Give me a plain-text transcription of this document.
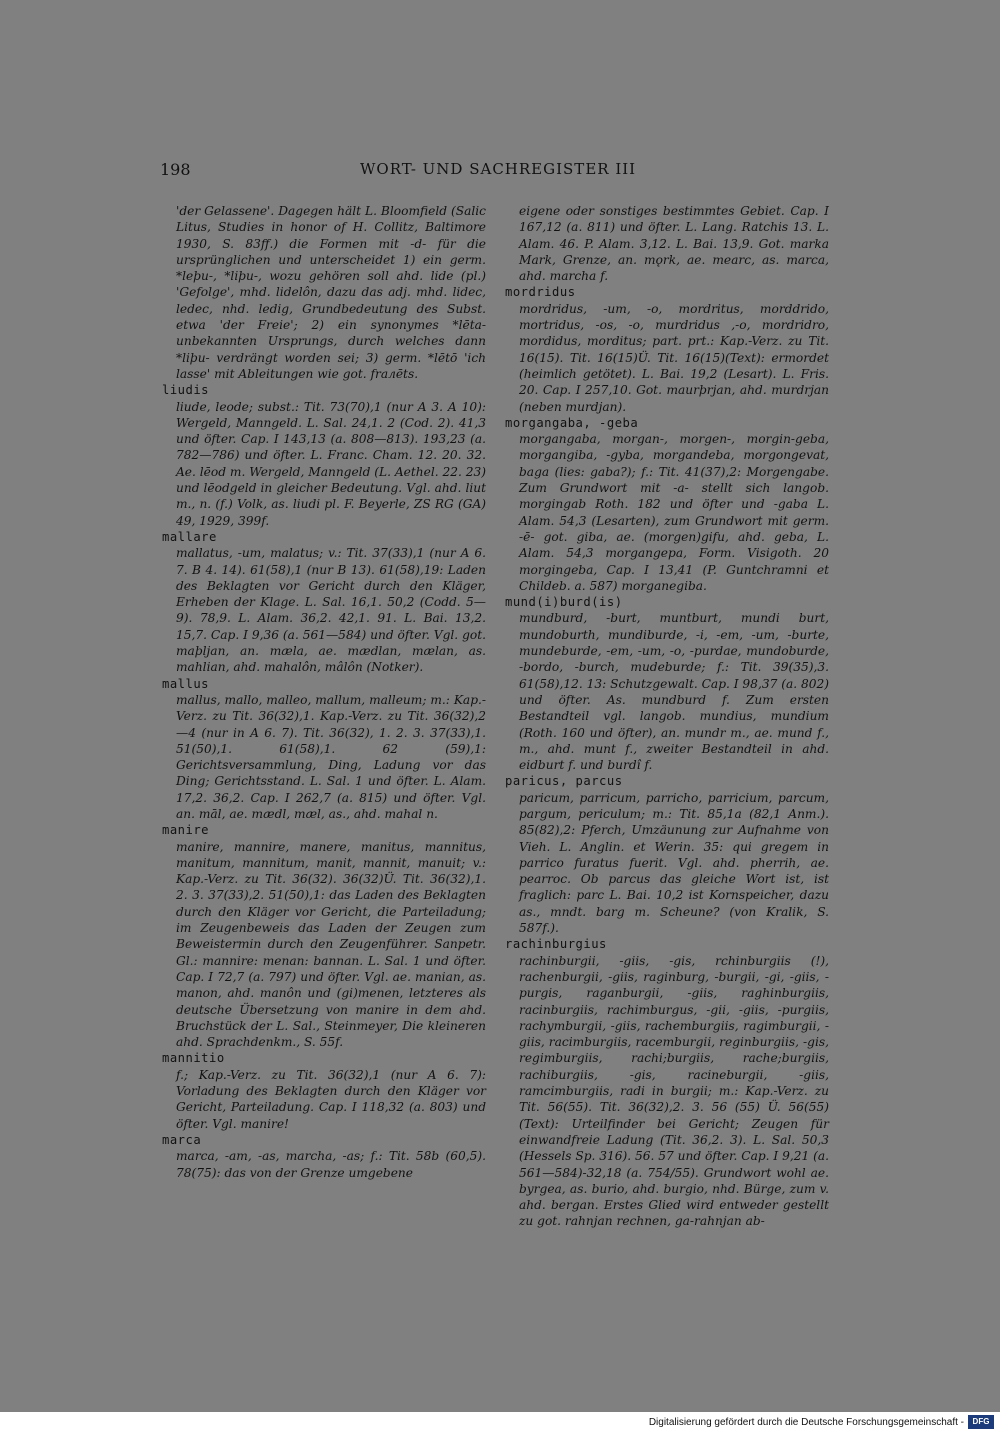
198	WORT- UND SACHREGISTER III
'der Gelassene'. Dagegen hält L. Bloomfield (Salic Litus, Studies in honor of H. Collitz, Baltimore 1930, S. 83ff.) die Formen mit -d- für die ursprünglichen und unterscheidet 1) ein germ. *leþu-, *liþu-, wozu gehören soll ahd. lide (pl.) 'Gefolge', mhd. lidelôn, dazu das adj. mhd. lidec, ledec, nhd. ledig, Grundbedeutung des Subst. etwa 'der Freie'; 2) ein synonymes *lēta- unbekannten Ursprungs, durch welches dann *liþu- verdrängt worden sei; 3) germ. *lētō 'ich lasse' mit Ableitungen wie got. frалēts.
liudis
liude, leode; subst.: Tit. 73(70),1 (nur A 3. A 10): Wergeld, Manngeld. L. Sal. 24,1. 2 (Cod. 2). 41,3 und öfter. Cap. I 143,13 (a. 808—813). 193,23 (a. 782—786) und öfter. L. Franc. Cham. 12. 20. 32. Ae. lēod m. Wergeld, Manngeld (L. Aethel. 22. 23) und lēodgeld in gleicher Bedeutung. Vgl. ahd. liut m., n. (f.) Volk, as. liudi pl. F. Beyerle, ZS RG (GA) 49, 1929, 399f.
mallare
mallatus, -um, malatus; v.: Tit. 37(33),1 (nur A 6. 7. B 4. 14). 61(58),1 (nur B 13). 61(58),19: Laden des Beklagten vor Gericht durch den Kläger, Erheben der Klage. L. Sal. 16,1. 50,2 (Codd. 5—9). 78,9. L. Alam. 36,2. 42,1. 91. L. Bai. 13,2. 15,7. Cap. I 9,36 (a. 561—584) und öfter. Vgl. got. maþljan, an. mæla, ae. mædlan, mælan, as. mahlian, ahd. mahalôn, mâlôn (Notker).
mallus
mallus, mallo, malleo, mallum, malleum; m.: Kap.-Verz. zu Tit. 36(32),1. Kap.-Verz. zu Tit. 36(32),2—4 (nur in A 6. 7). Tit. 36(32), 1. 2. 3. 37(33),1. 51(50),1. 61(58),1. 62 (59),1: Gerichtsversammlung, Ding, Ladung vor das Ding; Gerichtsstand. L. Sal. 1 und öfter. L. Alam. 17,2. 36,2. Cap. I 262,7 (a. 815) und öfter. Vgl. an. māl, ae. mædl, mæl, as., ahd. mahal n.
manire
manire, mannire, manere, manitus, mannitus, manitum, mannitum, manit, mannit, manuit; v.: Kap.-Verz. zu Tit. 36(32). 36(32)Ü. Tit. 36(32),1. 2. 3. 37(33),2. 51(50),1: das Laden des Beklagten durch den Kläger vor Gericht, die Parteiladung; im Zeugenbeweis das Laden der Zeugen zum Beweistermin durch den Zeugenführer. Sanpetr. Gl.: mannire: menan: bannan. L. Sal. 1 und öfter. Cap. I 72,7 (a. 797) und öfter. Vgl. ae. manian, as. manon, ahd. manôn und (gi)menen, letzteres als deutsche Übersetzung von manire in dem ahd. Bruchstück der L. Sal., Steinmeyer, Die kleineren ahd. Sprachdenkm., S. 55f.
mannitio
f.; Kap.-Verz. zu Tit. 36(32),1 (nur A 6. 7): Vorladung des Beklagten durch den Kläger vor Gericht, Parteiladung. Cap. I 118,32 (a. 803) und öfter. Vgl. manire!
marca
marca, -am, -as, marcha, -as; f.: Tit. 58b (60,5). 78(75): das von der Grenze umgebene
eigene oder sonstiges bestimmtes Gebiet. Cap. I 167,12 (a. 811) und öfter. L. Lang. Ratchis 13. L. Alam. 46. P. Alam. 3,12. L. Bai. 13,9. Got. marka Mark, Grenze, an. mǫrk, ae. mearc, as. marca, ahd. marcha f.
mordridus
mordridus, -um, -o, mordritus, morddrido, mortridus, -os, -o, murdridus ,-o, mordridro, mordidus, morditus; part. prt.: Kap.-Verz. zu Tit. 16(15). Tit. 16(15)Ü. Tit. 16(15)(Text): ermordet (heimlich getötet). L. Bai. 19,2 (Lesart). L. Fris. 20. Cap. I 257,10. Got. maurþrjan, ahd. murdrjan (neben murdjan).
morgangaba, -geba
morgangaba, morgan-, morgen-, morgin-geba, morgangiba, -gyba, morgandeba, morgongevat, baga (lies: gaba?); f.: Tit. 41(37),2: Morgengabe. Zum Grundwort mit -a- stellt sich langob. morgingab Roth. 182 und öfter und -gaba L. Alam. 54,3 (Lesarten), zum Grundwort mit germ. -ē- got. giba, ae. (morgen)gifu, ahd. geba, L. Alam. 54,3 morgangepa, Form. Visigoth. 20 morgingeba, Cap. I 13,41 (P. Guntchramni et Childeb. a. 587) morganegiba.
mund(i)burd(is)
mundburd, -burt, muntburt, mundi burt, mundoburth, mundiburde, -i, -em, -um, -burte, mundeburde, -em, -um, -o, -purdae, mundoburde, -bordo, -burch, mudeburde; f.: Tit. 39(35),3. 61(58),12. 13: Schutzgewalt. Cap. I 98,37 (a. 802) und öfter. As. mundburd f. Zum ersten Bestandteil vgl. langob. mundius, mundium (Roth. 160 und öfter), an. mundr m., ae. mund f., m., ahd. munt f., zweiter Bestandteil in ahd. eidburt f. und burdî f.
paricus, parcus
paricum, parricum, parricho, parricium, parcum, pargum, periculum; m.: Tit. 85,1a (82,1 Anm.). 85(82),2: Pferch, Umzäunung zur Aufnahme von Vieh. L. Anglin. et Werin. 35: qui gregem in parrico furatus fuerit. Vgl. ahd. pherrih, ae. pearroc. Ob parcus das gleiche Wort ist, ist fraglich: parc L. Bai. 10,2 ist Kornspeicher, dazu as., mndt. barg m. Scheune? (von Kralik, S. 587f.).
rachinburgius
rachinburgii, -giis, -gis, rchinburgiis (!), rachenburgii, -giis, raginburg, -burgii, -gi, -giis, -purgis, raganburgii, -giis, raghinburgiis, racinburgiis, rachimburgus, -gii, -giis, -purgiis, rachymburgii, -giis, rachemburgiis, ragimburgii, -giis, racimburgiis, racemburgii, reginburgiis, -gis, regimburgiis, rachi;burgiis, rache;burgiis, rachiburgiis, -gis, racineburgii, -giis, ramcimburgiis, radi in burgii; m.: Kap.-Verz. zu Tit. 56(55). Tit. 36(32),2. 3. 56 (55) Ü. 56(55) (Text): Urteilfinder bei Gericht; Zeugen für einwandfreie Ladung (Tit. 36,2. 3). L. Sal. 50,3 (Hessels Sp. 316). 56. 57 und öfter. Cap. I 9,21 (a. 561—584)-32,18 (a. 754/55). Grundwort wohl ae. byrgea, as. burio, ahd. burgio, nhd. Bürge, zum v. ahd. bergan. Erstes Glied wird entweder gestellt zu got. rahnjan rechnen, ga-rahnjan ab-
Digitalisierung gefördert durch die Deutsche Forschungsgemeinschaft -	DFG
